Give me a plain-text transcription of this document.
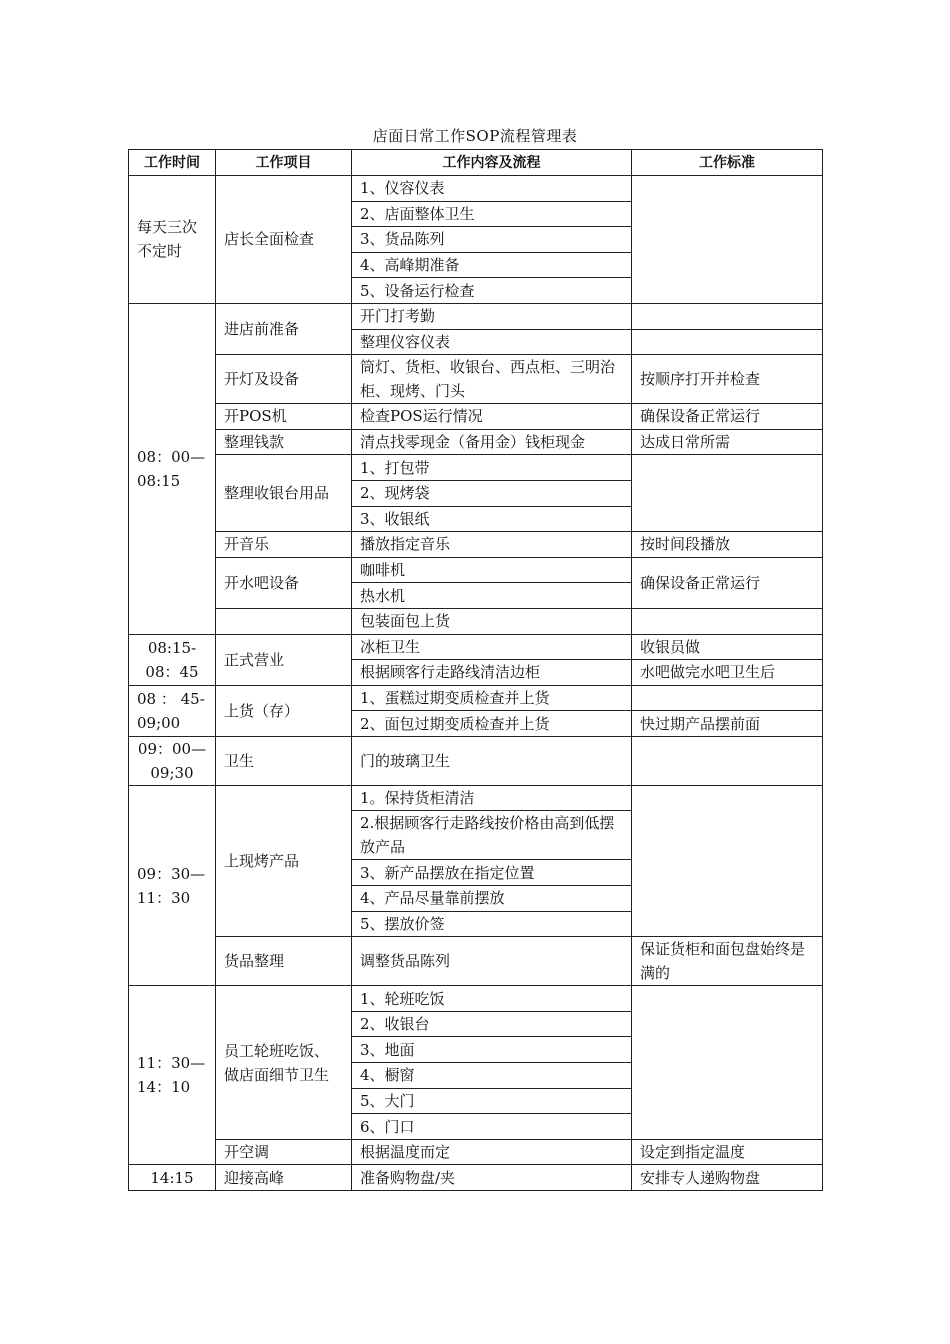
店面日常工作SOP流程管理表
工作时间	工作项目	工作内容及流程	工作标准
每天三次不定时	店长全面检查	1、仪容仪表	
		2、店面整体卫生	
		3、货品陈列	
		4、高峰期准备	
		5、设备运行检查	
08：00—08:15	进店前准备	开门打考勤	
		整理仪容仪表	
	开灯及设备	筒灯、货柜、收银台、西点柜、三明治柜、现烤、门头	按顺序打开并检查
	开POS机	检查POS运行情况	确保设备正常运行
	整理钱款	清点找零现金（备用金）钱柜现金	达成日常所需
	整理收银台用品	1、打包带	
		2、现烤袋	
		3、收银纸	
	开音乐	播放指定音乐	按时间段播放
	开水吧设备	咖啡机	确保设备正常运行
		热水机	
		包装面包上货	
08:15-08：45	正式营业	冰柜卫生	收银员做
		根据顾客行走路线清洁边柜	水吧做完水吧卫生后
08 ： 45-09;00	上货（存）	1、蛋糕过期变质检查并上货	
		2、面包过期变质检查并上货	快过期产品摆前面
09：00—09;30	卫生	门的玻璃卫生	
09：30—11：30	上现烤产品	1。保持货柜清洁	
		2.根据顾客行走路线按价格由高到低摆放产品	
		3、新产品摆放在指定位置	
		4、产品尽量靠前摆放	
		5、摆放价签	
	货品整理	调整货品陈列	保证货柜和面包盘始终是满的
11：30—14：10	员工轮班吃饭、做店面细节卫生	1、轮班吃饭	
		2、收银台	
		3、地面	
		4、橱窗	
		5、大门	
		6、门口	
	开空调	根据温度而定	设定到指定温度
14:15	迎接高峰	准备购物盘/夹	安排专人递购物盘
